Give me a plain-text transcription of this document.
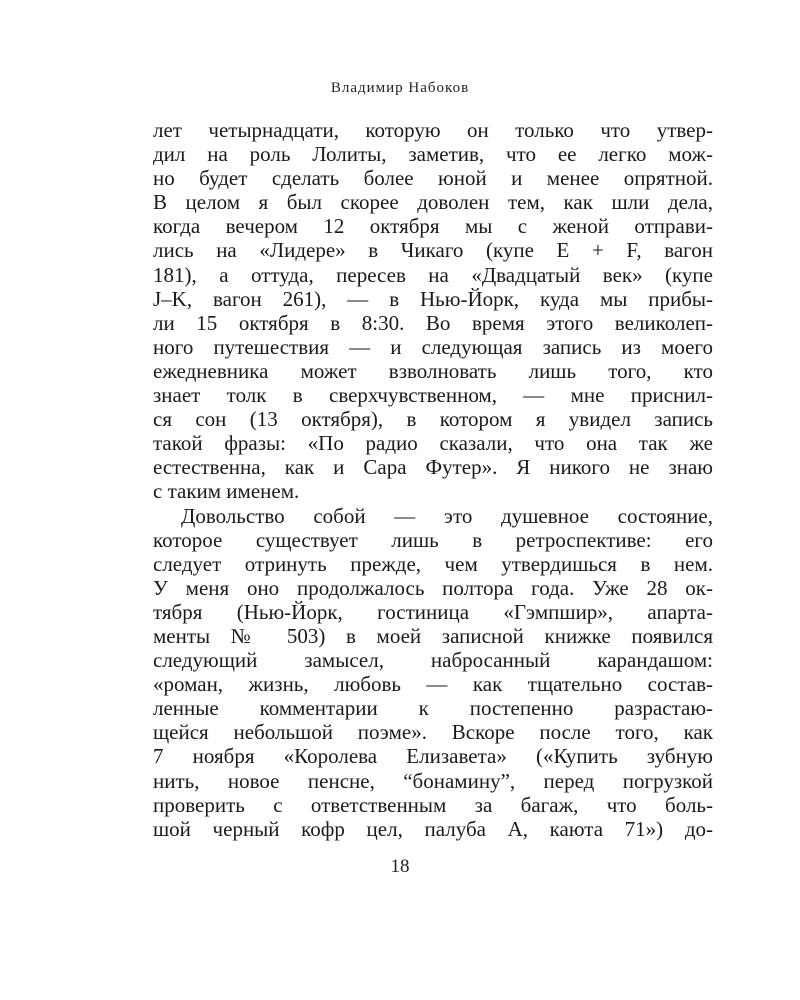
Владимир Набоков
лет четырнадцати, которую он только что утвер-
дил на роль Лолиты, заметив, что ее легко мож-
но будет сделать более юной и менее опрятной.
В целом я был скорее доволен тем, как шли дела,
когда вечером 12 октября мы с женой отправи-
лись на «Лидере» в Чикаго (купе E + F, вагон
181), а оттуда, пересев на «Двадцатый век» (купе
J–K, вагон 261), — в Нью-Йорк, куда мы прибы-
ли 15 октября в 8:30. Во время этого великолеп-
ного путешествия — и следующая запись из моего
ежедневника может взволновать лишь того, кто
знает толк в сверхчувственном, — мне приснил-
ся сон (13 октября), в котором я увидел запись
такой фразы: «По радио сказали, что она так же
естественна, как и Сара Футер». Я никого не знаю
с таким именем.
Довольство собой — это душевное состояние,
которое существует лишь в ретроспективе: его
следует отринуть прежде, чем утвердишься в нем.
У меня оно продолжалось полтора года. Уже 28 ок-
тября (Нью-Йорк, гостиница «Гэмпшир», апарта-
менты № 503) в моей записной книжке появился
следующий замысел, набросанный карандашом:
«роман, жизнь, любовь — как тщательно состав-
ленные комментарии к постепенно разрастаю-
щейся небольшой поэме». Вскоре после того, как
7 ноября «Королева Елизавета» («Купить зубную
нить, новое пенсне, “бонамину”, перед погрузкой
проверить с ответственным за багаж, что боль-
шой черный кофр цел, палуба А, каюта 71») до-
18
